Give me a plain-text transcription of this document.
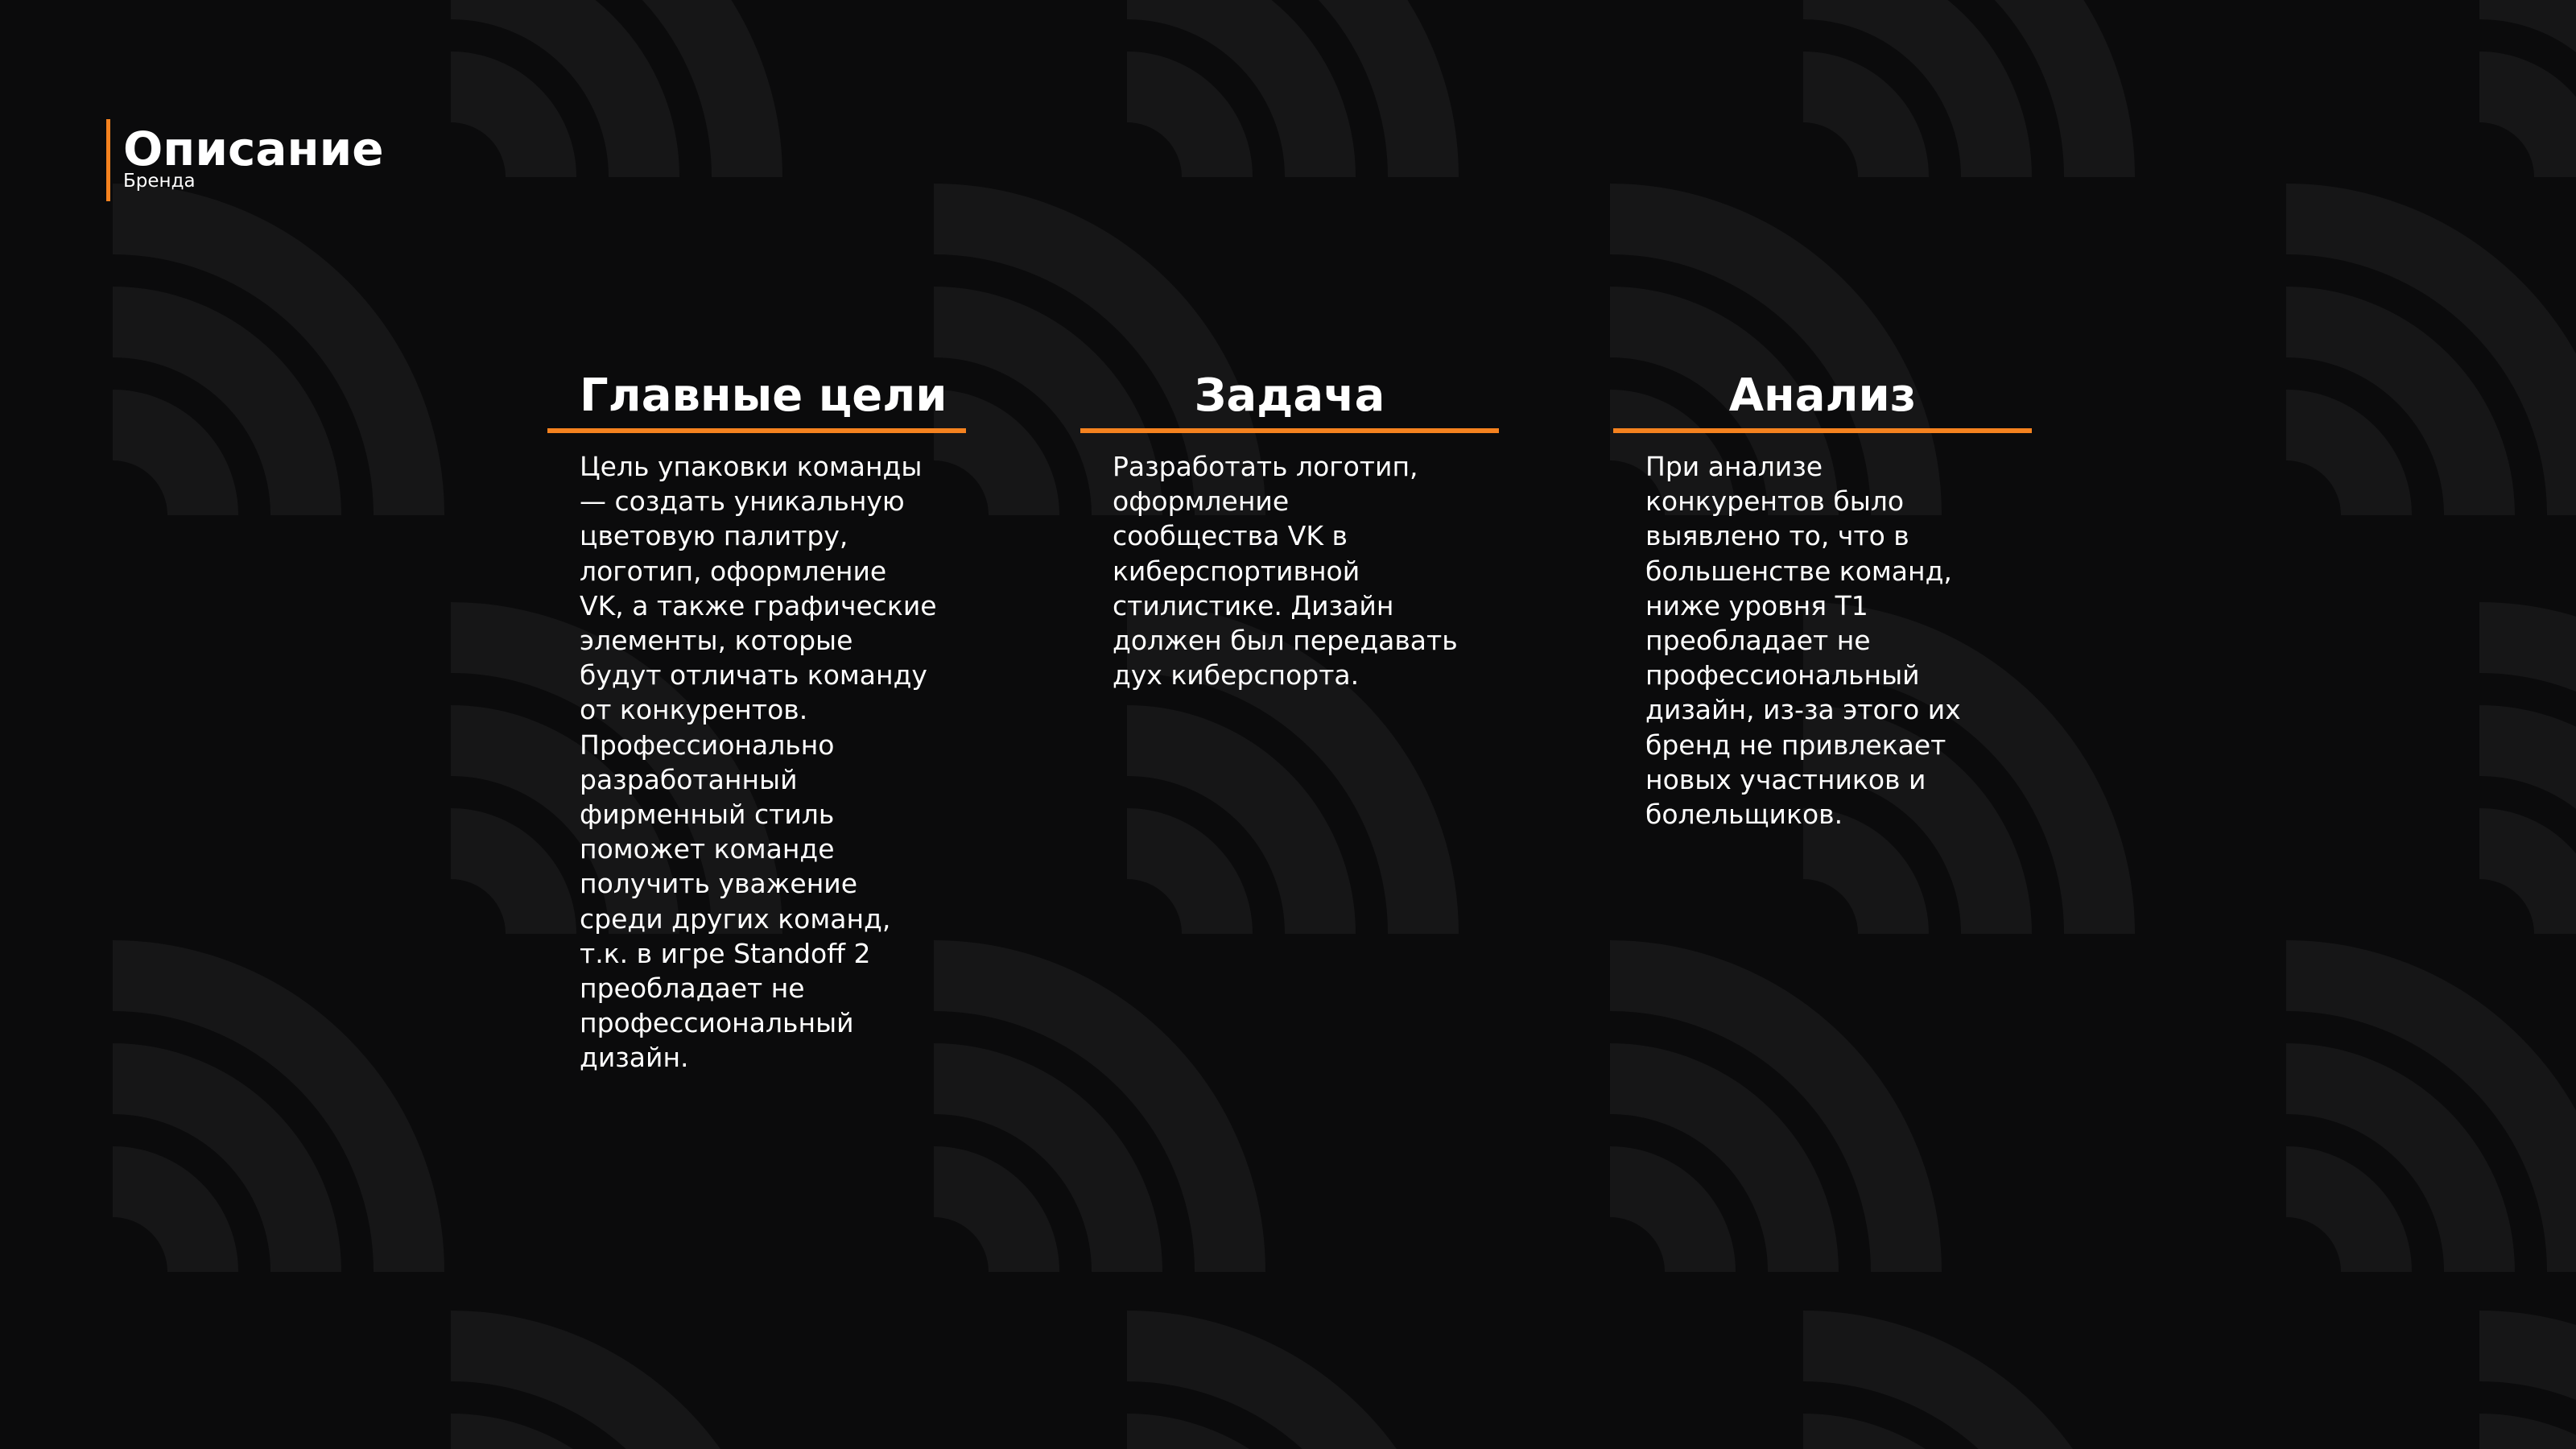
Описание
Бренда
Главные цели
Цель упаковки команды
— создать уникальную
цветовую палитру,
логотип, оформление
VK, а также графические
элементы, которые
будут отличать команду
от конкурентов.
Профессионально
разработанный
фирменный стиль
поможет команде
получить уважение
среди других команд,
т.к. в игре Standoff 2
преобладает не
профессиональный
дизайн.
Задача
Разработать логотип,
оформление
сообщества VK в
киберспортивной
стилистике. Дизайн
должен был передавать
дух киберспорта.
Анализ
При анализе
конкурентов было
выявлено то, что в
большенстве команд,
ниже уровня Т1
преобладает не
профессиональный
дизайн, из-за этого их
бренд не привлекает
новых участников и
болельщиков.
